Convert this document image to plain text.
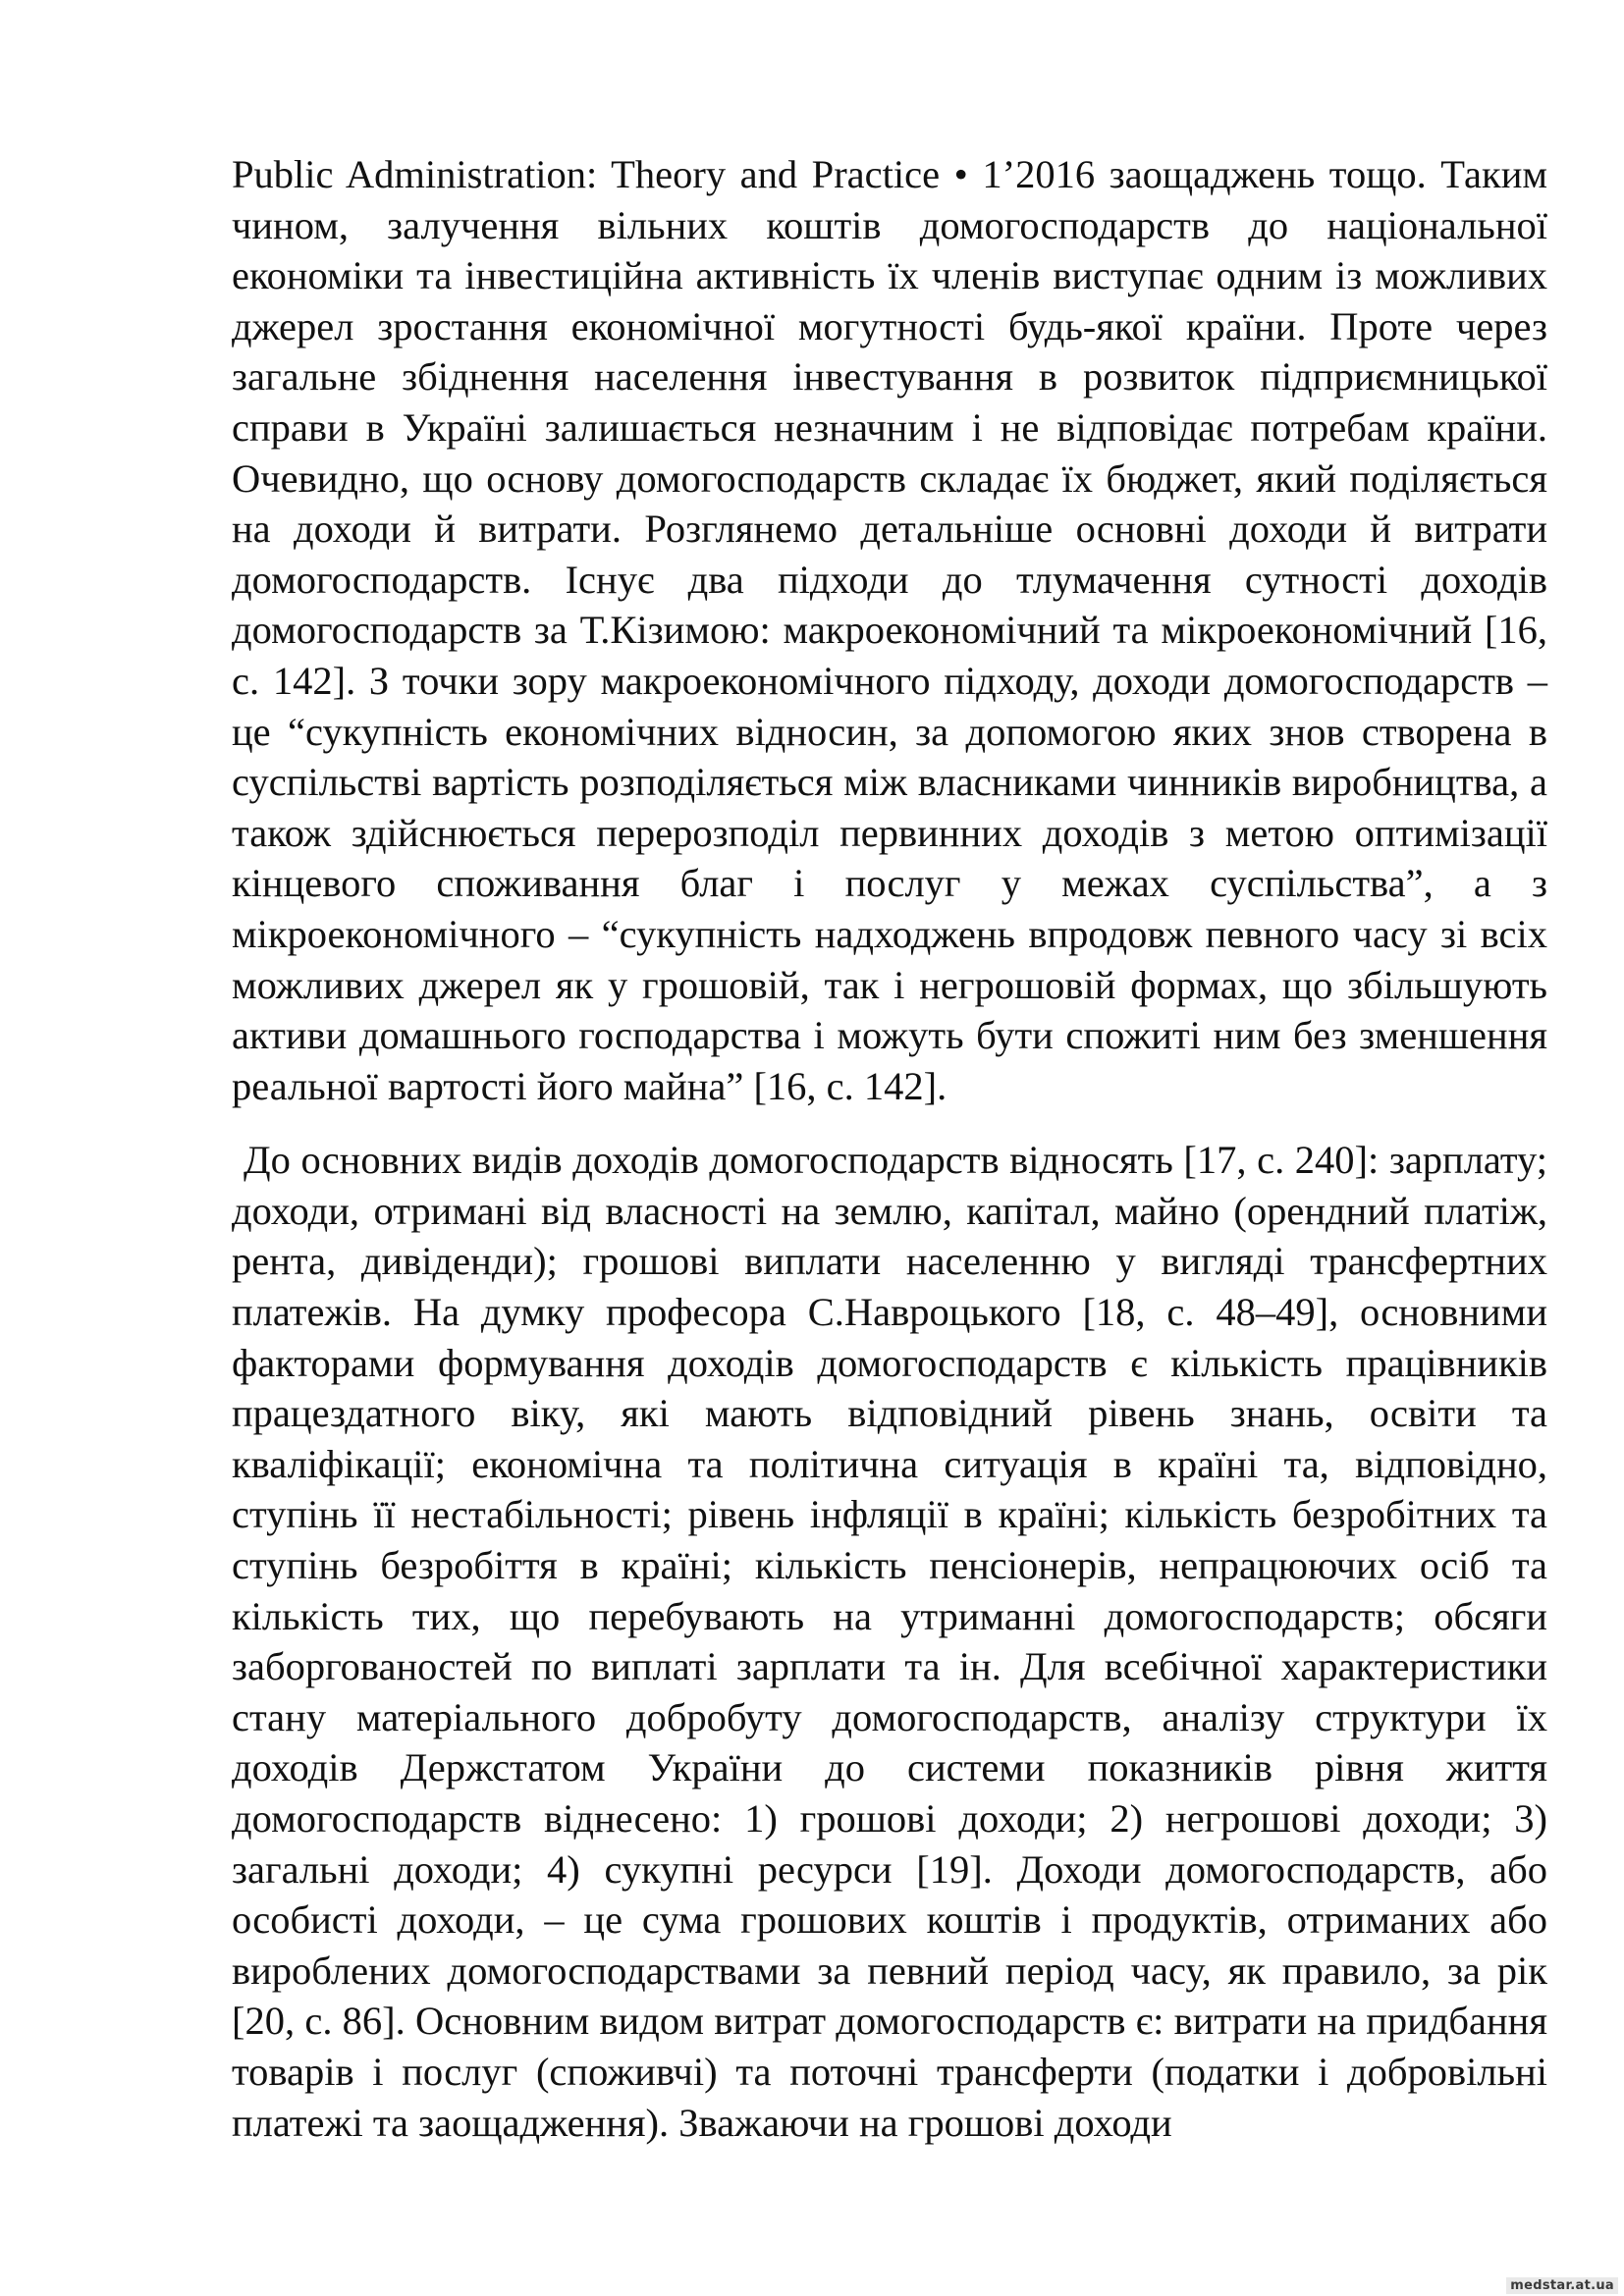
Public Administration: Theory and Practice • 1’2016 заощаджень тощо. Таким чином, залучення вільних коштів домогосподарств до національної економіки та інвестиційна активність їх членів виступає одним із можливих джерел зростання економічної могутності будь-якої країни. Проте через загальне збіднення населення інвестування в розвиток підприємницької справи в Україні залишається незначним і не відповідає потребам країни. Очевидно, що основу домогосподарств складає їх бюджет, який поділяється на доходи й витрати. Розглянемо детальніше основні доходи й витрати домогосподарств. Існує два підходи до тлумачення сутності доходів домогосподарств за Т.Кізимою: макроекономічний та мікроекономічний [16, с. 142]. З точки зору макроекономічного підходу, доходи домогосподарств – це “сукупність економічних відносин, за допомогою яких знов створена в суспільстві вартість розподіляється між власниками чинників виробництва, а також здійснюється перерозподіл первинних доходів з метою оптимізації кінцевого споживання благ і послуг у межах суспільства”, а з мікроекономічного – “сукупність надходжень впродовж певного часу зі всіх можливих джерел як у грошовій, так і негрошовій формах, що збільшують активи домашнього господарства і можуть бути спожиті ним без зменшення реальної вартості його майна” [16, с. 142].

До основних видів доходів домогосподарств відносять [17, с. 240]: зарплату; доходи, отримані від власності на землю, капітал, майно (орендний платіж, рента, дивіденди); грошові виплати населенню у вигляді трансфертних платежів. На думку професора С.Навроцького [18, с. 48–49], основними факторами формування доходів домогосподарств є кількість працівників працездатного віку, які мають відповідний рівень знань, освіти та кваліфікації; економічна та політична ситуація в країні та, відповідно, ступінь її нестабільності; рівень інфляції в країні; кількість безробітних та ступінь безробіття в країні; кількість пенсіонерів, непрацюючих осіб та кількість тих, що перебувають на утриманні домогосподарств; обсяги заборгованостей по виплаті зарплати та ін. Для всебічної характеристики стану матеріального добробуту домогосподарств, аналізу структури їх доходів Держстатом України до системи показників рівня життя домогосподарств віднесено: 1) грошові доходи; 2) негрошові доходи; 3) загальні доходи; 4) сукупні ресурси [19]. Доходи домогосподарств, або особисті доходи, – це сума грошових коштів і продуктів, отриманих або вироблених домогосподарствами за певний період часу, як правило, за рік [20, с. 86]. Основним видом витрат домогосподарств є: витрати на придбання товарів і послуг (споживчі) та поточні трансферти (податки і добровільні платежі та заощадження). Зважаючи на грошові доходи

medstar.at.ua
